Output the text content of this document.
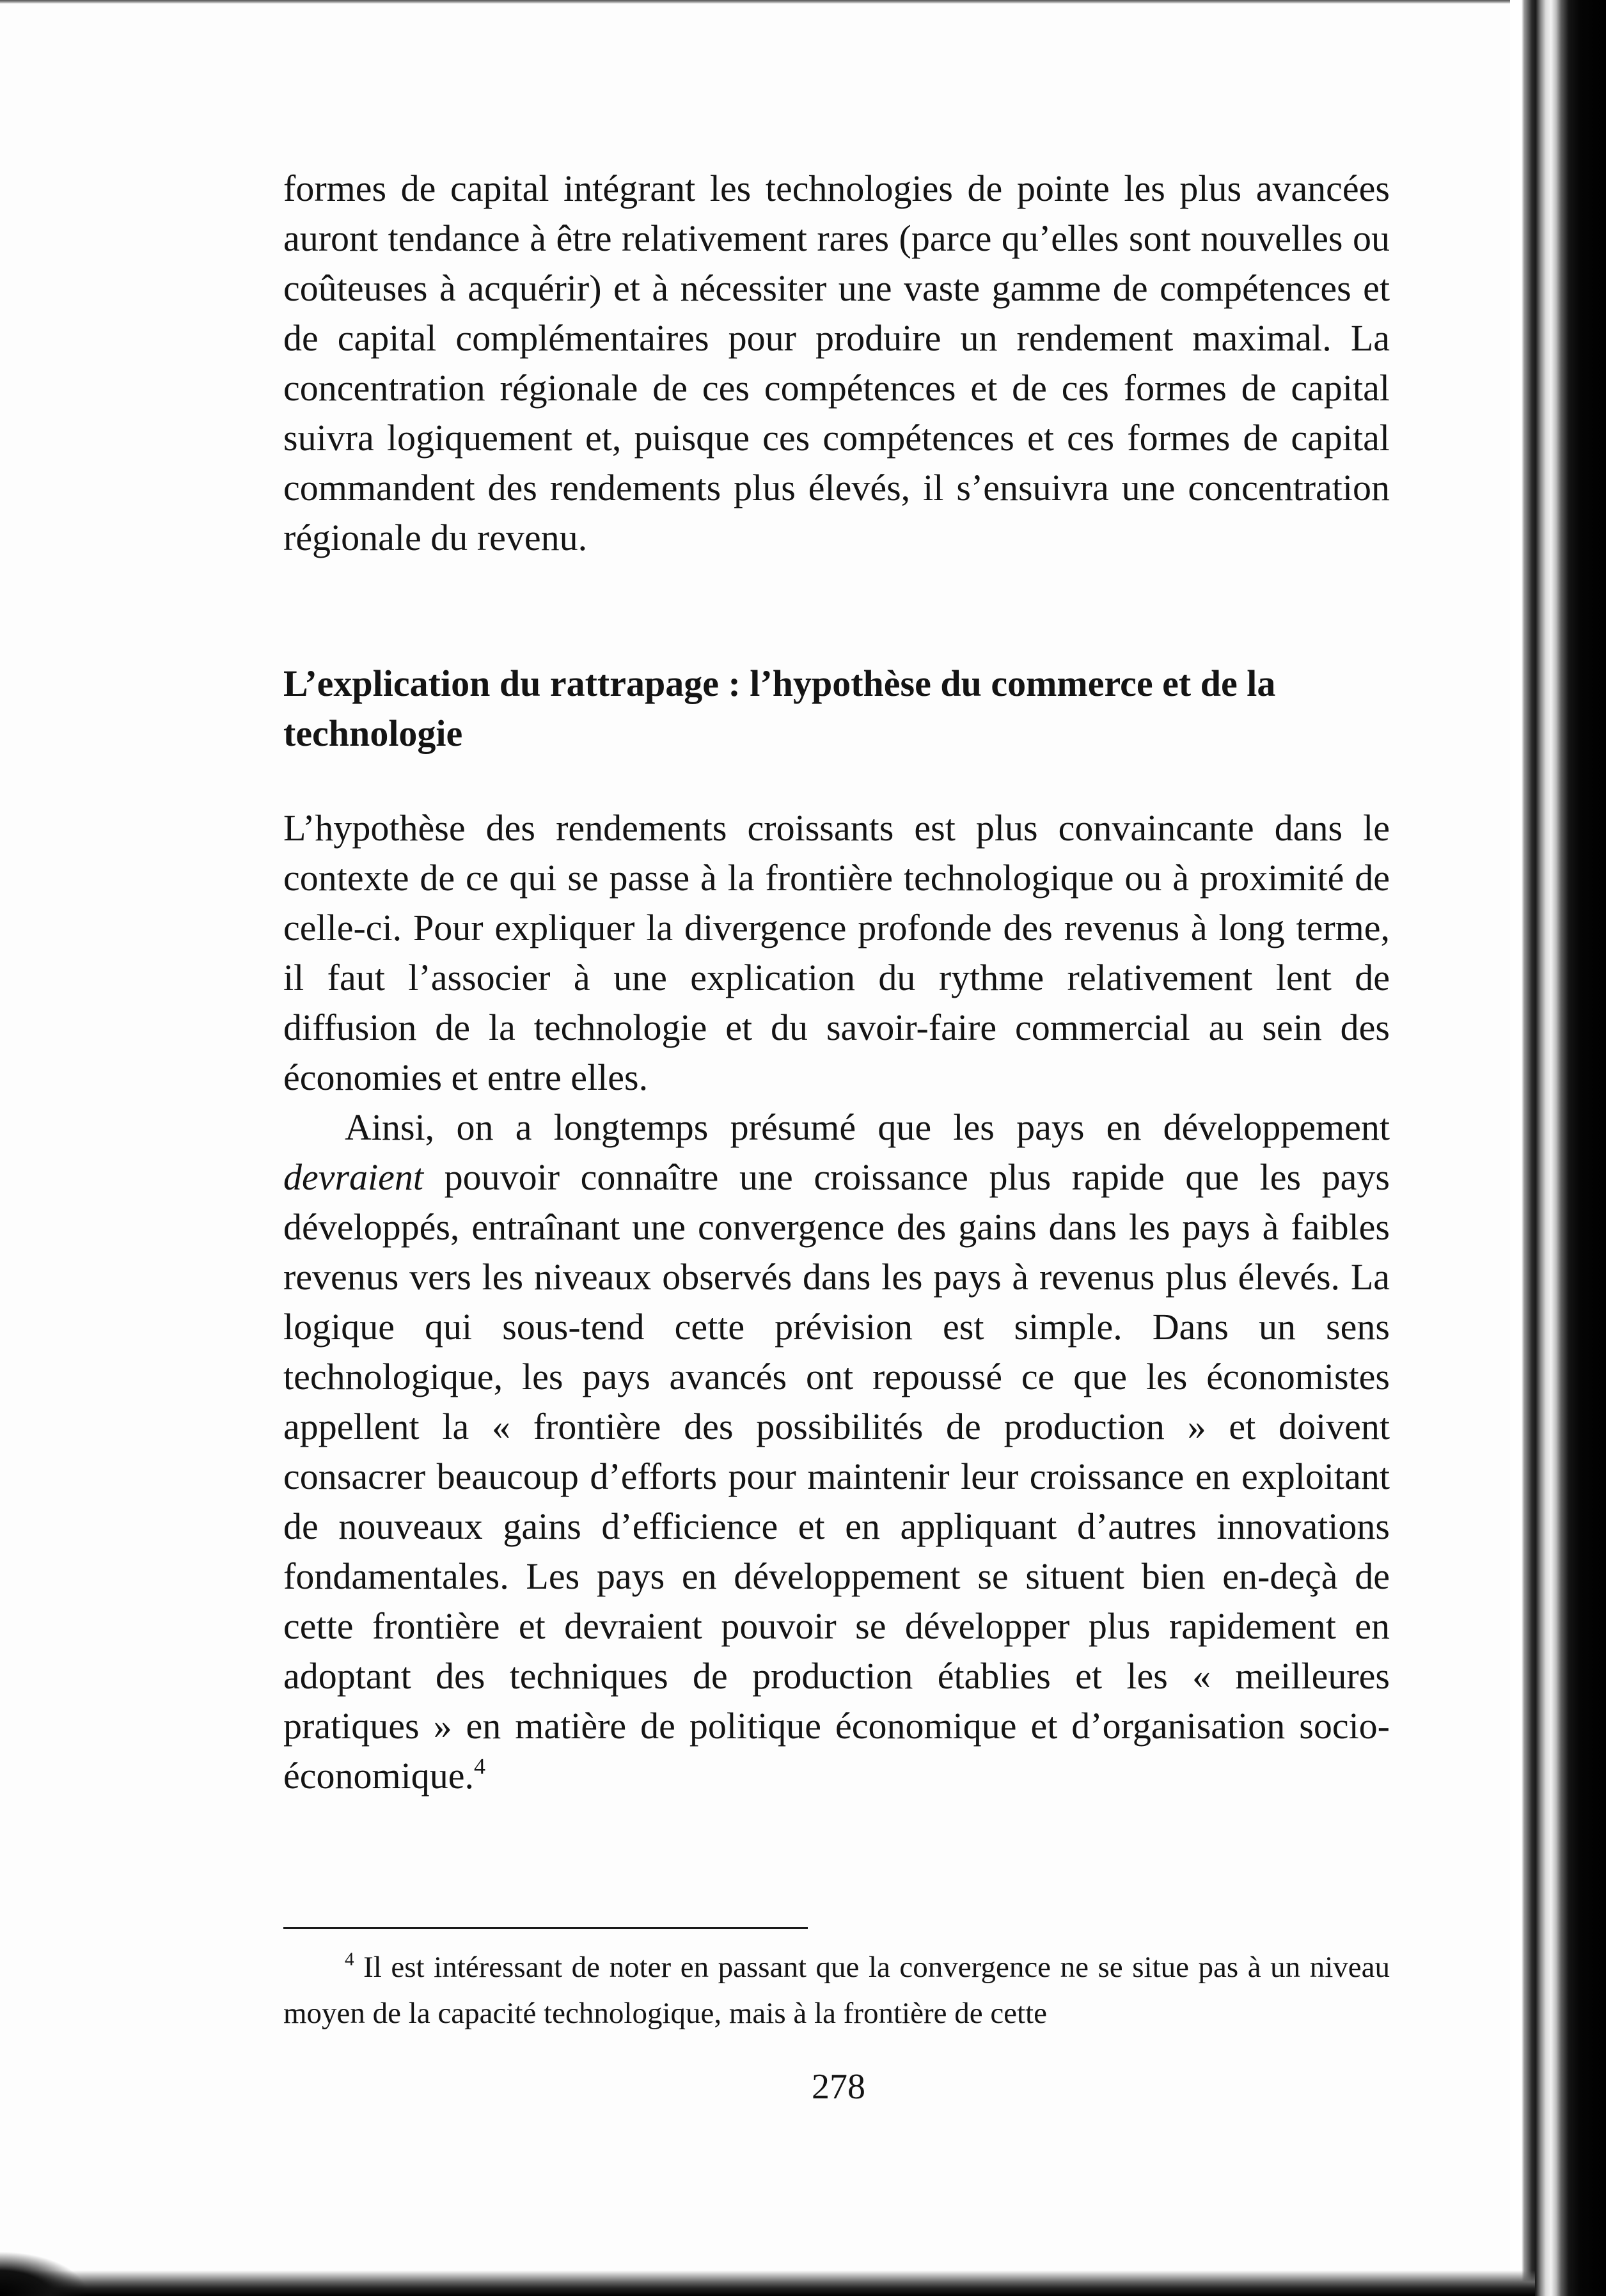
formes de capital intégrant les technologies de pointe les plus avancées auront tendance à être relativement rares (parce qu’elles sont nouvelles ou coûteuses à acquérir) et à nécessiter une vaste gamme de compétences et de capital complémentaires pour produire un rendement maximal. La concentration régionale de ces compétences et de ces formes de capital suivra logiquement et, puisque ces compétences et ces formes de capital commandent des rendements plus élevés, il s’ensuivra une concentration régionale du revenu.

L’explication du rattrapage : l’hypothèse du commerce et de la technologie

L’hypothèse des rendements croissants est plus convaincante dans le contexte de ce qui se passe à la frontière technologique ou à proximité de celle-ci. Pour expliquer la divergence profonde des revenus à long terme, il faut l’associer à une explication du rythme relativement lent de diffusion de la technologie et du savoir-faire commercial au sein des économies et entre elles.

Ainsi, on a longtemps présumé que les pays en développement devraient pouvoir connaître une croissance plus rapide que les pays développés, entraînant une convergence des gains dans les pays à faibles revenus vers les niveaux observés dans les pays à revenus plus élevés. La logique qui sous-tend cette prévision est simple. Dans un sens technologique, les pays avancés ont repoussé ce que les économistes appellent la « frontière des possibilités de production » et doivent consacrer beaucoup d’efforts pour maintenir leur croissance en exploitant de nouveaux gains d’efficience et en appliquant d’autres innovations fondamentales. Les pays en développement se situent bien en-deçà de cette frontière et devraient pouvoir se développer plus rapidement en adoptant des techniques de production établies et les « meilleures pratiques » en matière de politique économique et d’organisation socio-économique.$^4$

$^4$ Il est intéressant de noter en passant que la convergence ne se situe pas à un niveau moyen de la capacité technologique, mais à la frontière de cette

278
